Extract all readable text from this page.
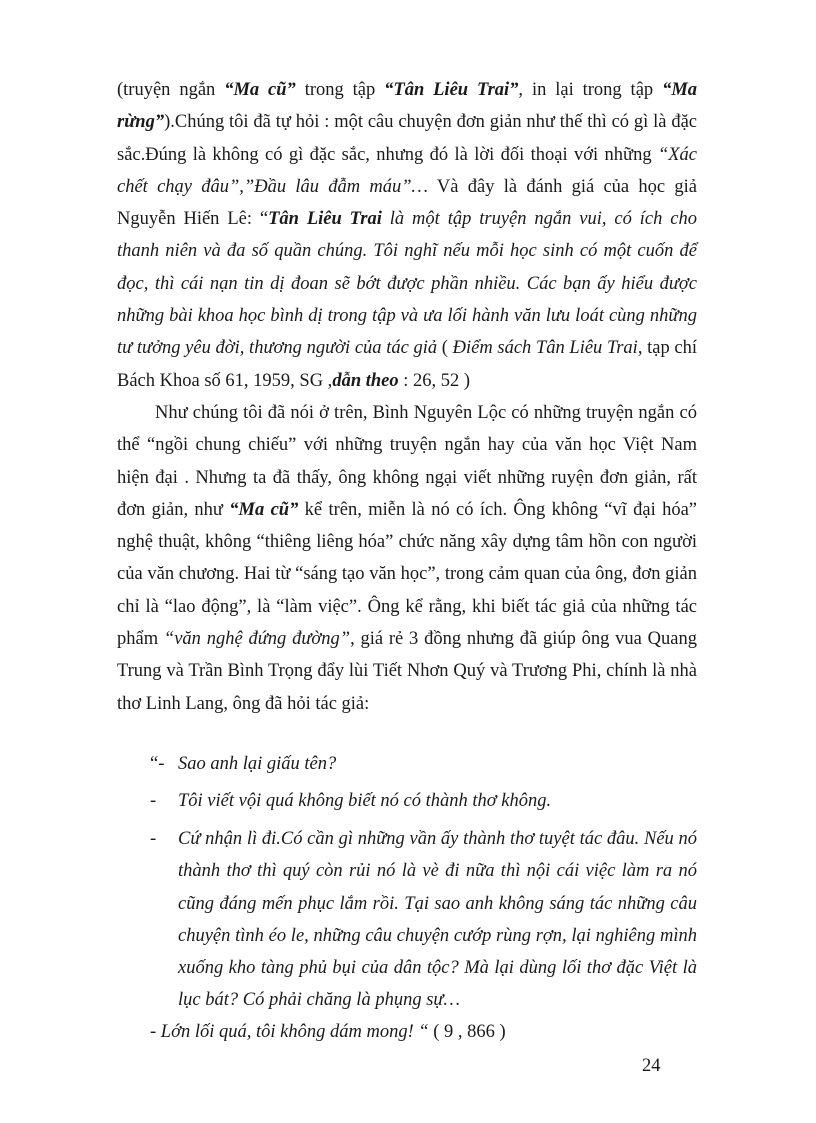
(truyện ngắn “Ma cũ” trong tập “Tân Liêu Trai”, in lại trong tập “Ma rừng”).Chúng tôi đã tự hỏi : một câu chuyện đơn giản như thế thì có gì là đặc sắc.Đúng là không có gì đặc sắc, nhưng đó là lời đối thoại với những “Xác chết chạy đâu”,”Đầu lâu đẫm máu”… Và đây là đánh giá của học giả Nguyễn Hiến Lê: “Tân Liêu Trai là một tập truyện ngắn vui, có ích cho thanh niên và đa số quần chúng. Tôi nghĩ nếu mỗi học sinh có một cuốn để đọc, thì cái nạn tin dị đoan sẽ bớt được phần nhiều. Các bạn ấy hiểu được những bài khoa học bình dị trong tập và ưa lối hành văn lưu loát cùng những tư tưởng yêu đời, thương người của tác giả ( Điểm sách Tân Liêu Trai, tạp chí Bách Khoa số 61, 1959, SG ,dẫn theo : 26, 52 )

Như chúng tôi đã nói ở trên, Bình Nguyên Lộc có những truyện ngắn có thể “ngồi chung chiếu” với những truyện ngắn hay của văn học Việt Nam hiện đại . Nhưng ta đã thấy, ông không ngại viết những ruyện đơn giản, rất đơn giản, như “Ma cũ” kể trên, miễn là nó có ích. Ông không “vĩ đại hóa” nghệ thuật, không “thiêng liêng hóa” chức năng xây dựng tâm hồn con người của văn chương. Hai từ “sáng tạo văn học”, trong cảm quan của ông, đơn giản chỉ là “lao động”, là “làm việc”. Ông kể rằng, khi biết tác giả của những tác phẩm “văn nghệ đứng đường”, giá rẻ 3 đồng nhưng đã giúp ông vua Quang Trung và Trần Bình Trọng đẩy lùi Tiết Nhơn Quý và Trương Phi, chính là nhà thơ Linh Lang, ông đã hỏi tác giả:

“- Sao anh lại giấu tên?
- Tôi viết vội quá không biết nó có thành thơ không.
- Cứ nhận lì đi.Có cần gì những vần ấy thành thơ tuyệt tác đâu. Nếu nó thành thơ thì quý còn rủi nó là vè đi nữa thì nội cái việc làm ra nó cũng đáng mến phục lắm rồi. Tại sao anh không sáng tác những câu chuyện tình éo le, những câu chuyện cướp rùng rợn, lại nghiêng mình xuống kho tàng phủ bụi của dân tộc? Mà lại dùng lối thơ đặc Việt là lục bát? Có phải chăng là phụng sự…
- Lớn lối quá, tôi không dám mong! “ ( 9 , 866 )
24
